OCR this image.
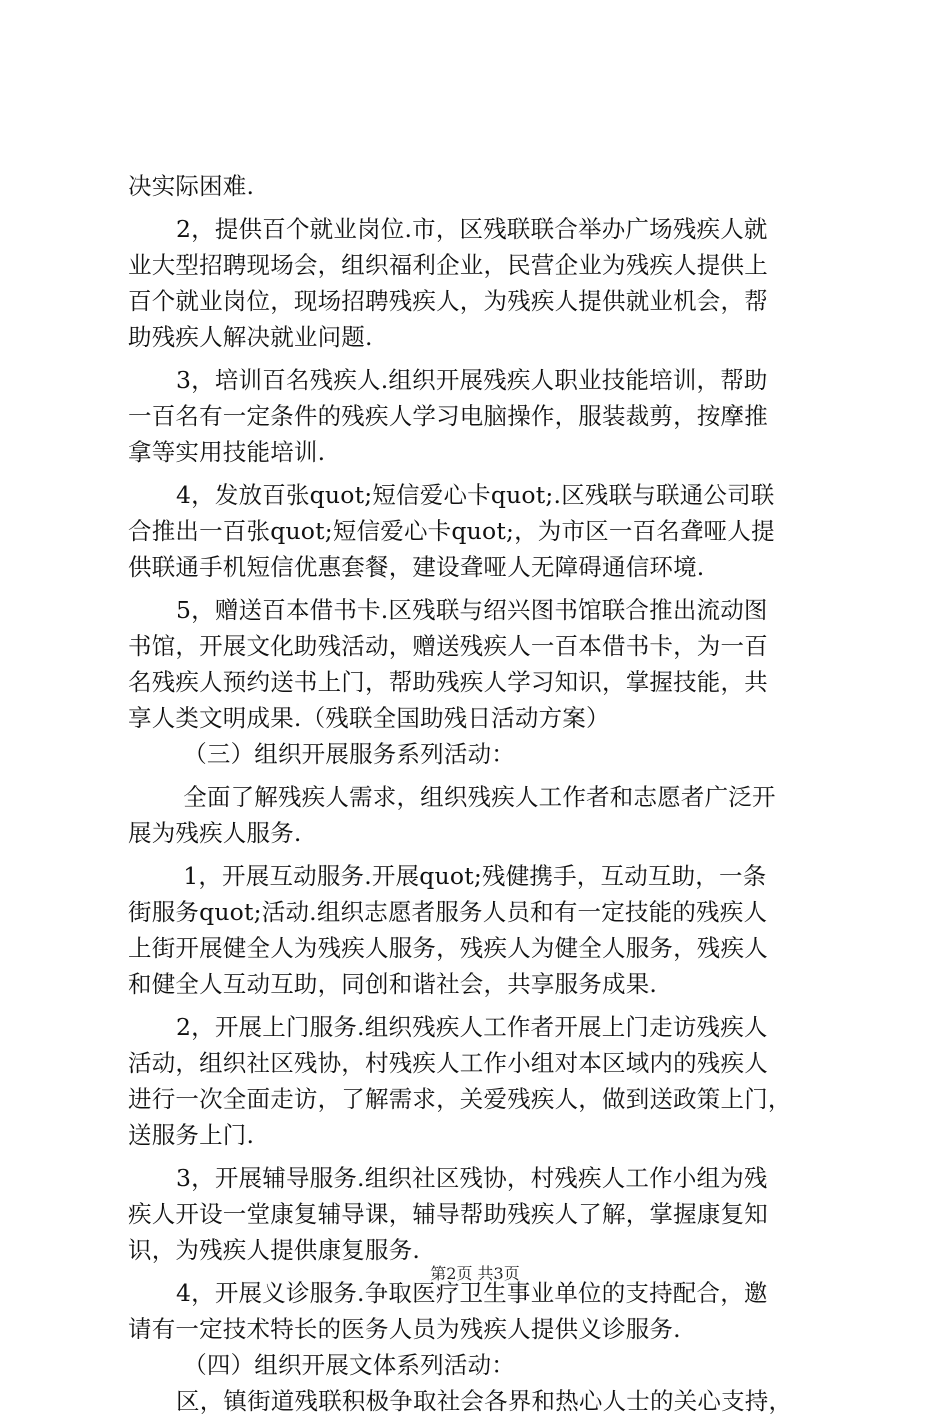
决实际困难.
2，提供百个就业岗位.市，区残联联合举办广场残疾人就
业大型招聘现场会，组织福利企业，民营企业为残疾人提供上
百个就业岗位，现场招聘残疾人，为残疾人提供就业机会，帮
助残疾人解决就业问题.
3，培训百名残疾人.组织开展残疾人职业技能培训，帮助
一百名有一定条件的残疾人学习电脑操作，服装裁剪，按摩推
拿等实用技能培训.
4，发放百张quot;短信爱心卡quot;.区残联与联通公司联
合推出一百张quot;短信爱心卡quot;，为市区一百名聋哑人提
供联通手机短信优惠套餐，建设聋哑人无障碍通信环境.
5，赠送百本借书卡.区残联与绍兴图书馆联合推出流动图
书馆，开展文化助残活动，赠送残疾人一百本借书卡，为一百
名残疾人预约送书上门，帮助残疾人学习知识，掌握技能，共
享人类文明成果.（残联全国助残日活动方案）
（三）组织开展服务系列活动：
全面了解残疾人需求，组织残疾人工作者和志愿者广泛开
展为残疾人服务.
1，开展互动服务.开展quot;残健携手，互动互助，一条
街服务quot;活动.组织志愿者服务人员和有一定技能的残疾人
上街开展健全人为残疾人服务，残疾人为健全人服务，残疾人
和健全人互动互助，同创和谐社会，共享服务成果.
2，开展上门服务.组织残疾人工作者开展上门走访残疾人
活动，组织社区残协，村残疾人工作小组对本区域内的残疾人
进行一次全面走访，了解需求，关爱残疾人，做到送政策上门，
送服务上门.
3，开展辅导服务.组织社区残协，村残疾人工作小组为残
疾人开设一堂康复辅导课，辅导帮助残疾人了解，掌握康复知
识，为残疾人提供康复服务.
4，开展义诊服务.争取医疗卫生事业单位的支持配合，邀
请有一定技术特长的医务人员为残疾人提供义诊服务.
（四）组织开展文体系列活动：
区，镇街道残联积极争取社会各界和热心人士的关心支持，
第2页 共3页
